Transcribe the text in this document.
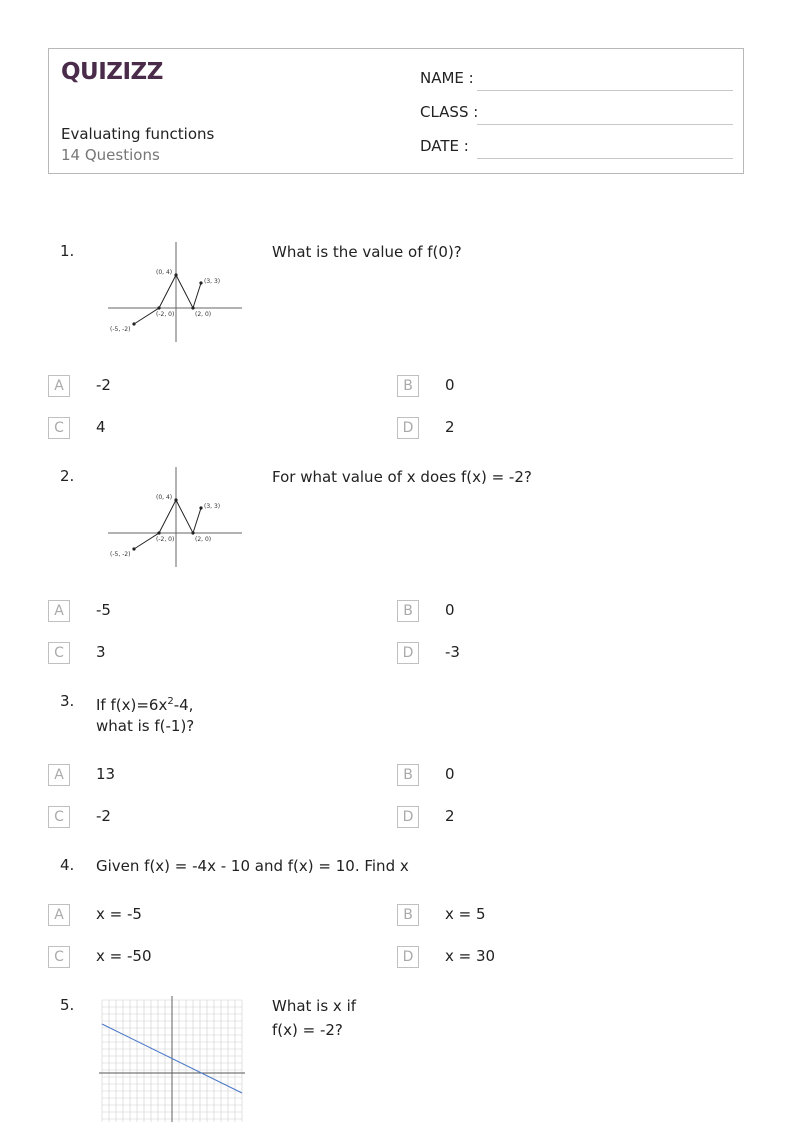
QUIZIZZ
Evaluating functions
14 Questions
NAME :
CLASS :
DATE :
1.
(0, 4)
(3, 3)
(-2, 0)	(2, 0)
(-5, -2)
What is the value of f(0)?
A	-2	B	0
C	4	D	2
2.
(0, 4)
(3, 3)
(-2, 0)	(2, 0)
(-5, -2)
For what value of x does f(x) = -2?
A	-5	B	0
C	3	D	-3
3. If $f(x)=6x^2-4$,
what is f(-1)?
A	13	B	0
C	-2	D	2
4. Given f(x) = -4x - 10 and f(x) = 10. Find x
A	x = -5	B	x = 5
C	x = -50	D	x = 30
5.	What is x if
f(x) = -2?
